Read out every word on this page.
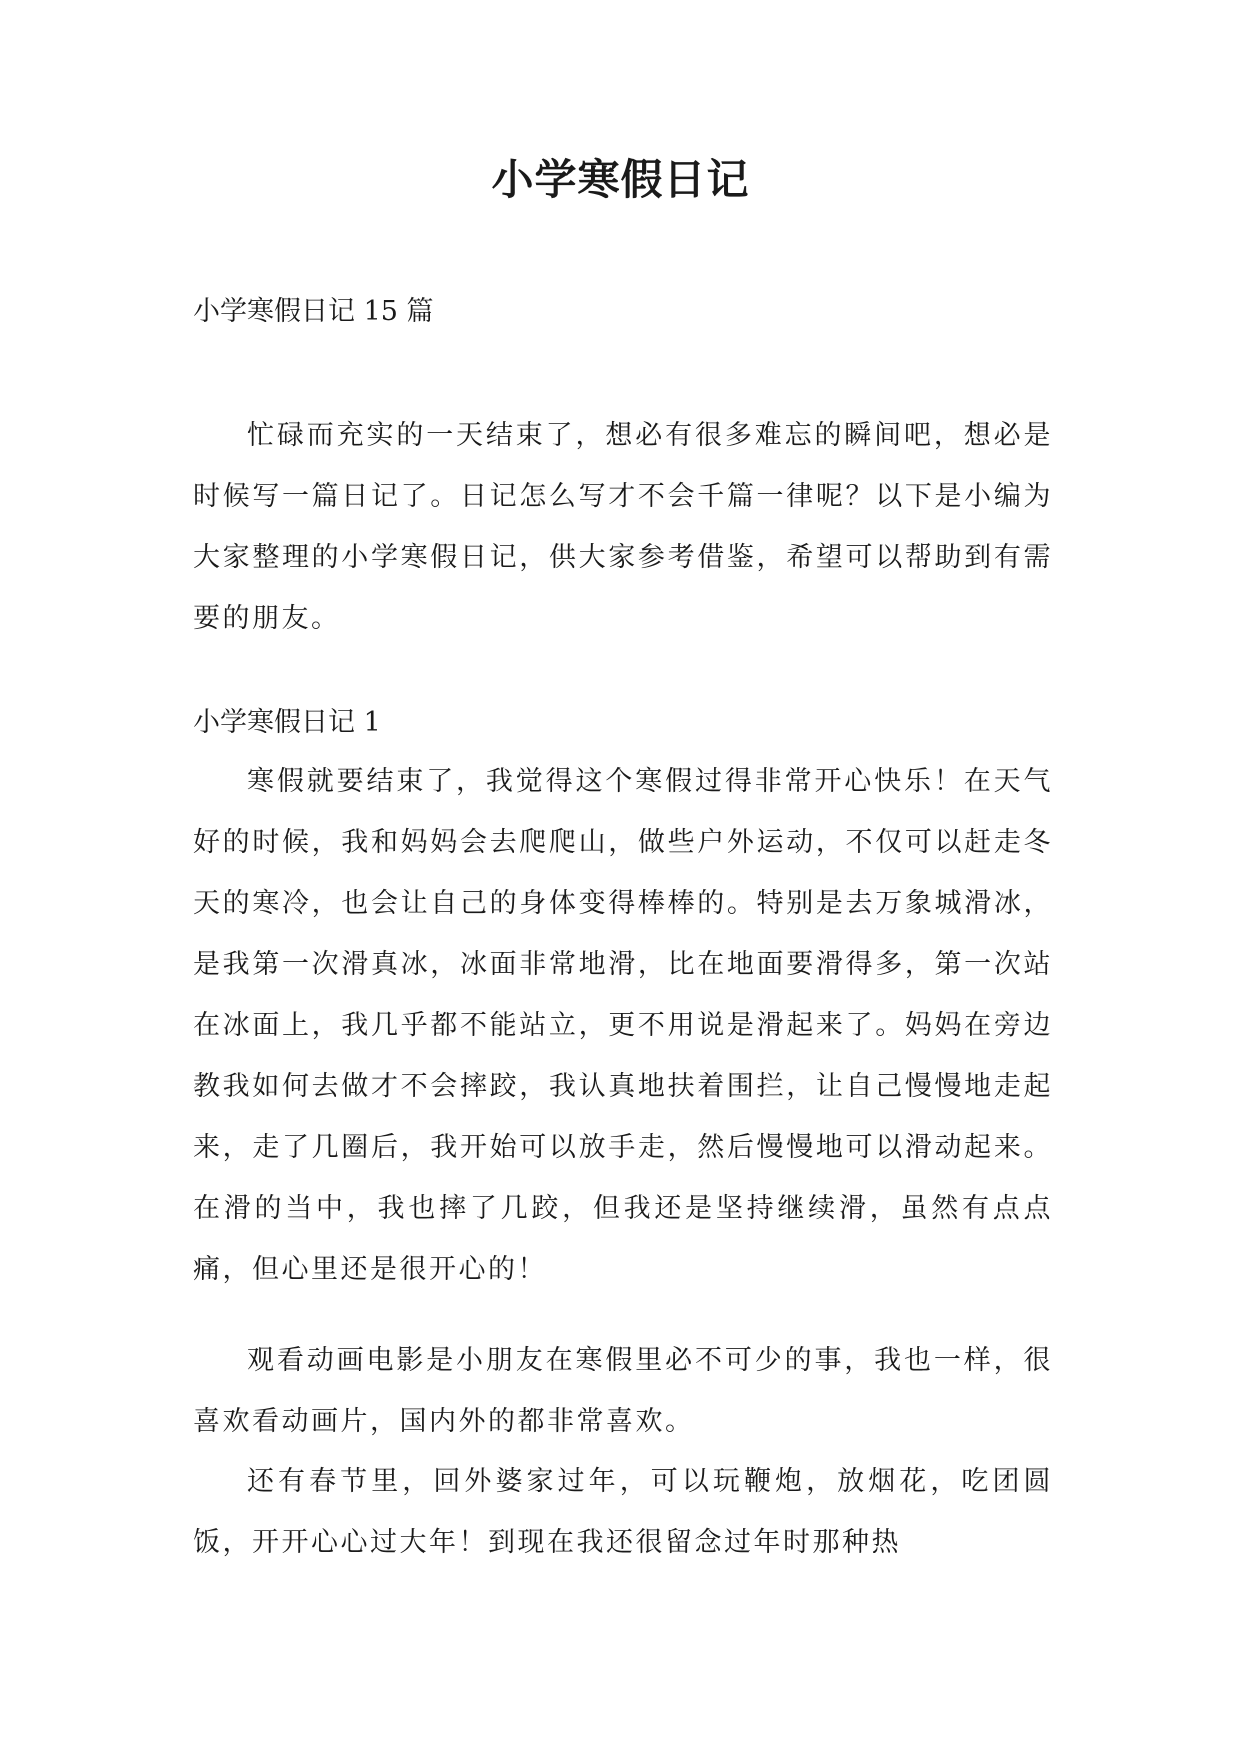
小学寒假日记

小学寒假日记 15 篇

忙碌而充实的一天结束了，想必有很多难忘的瞬间吧，想必是时候写一篇日记了。日记怎么写才不会千篇一律呢？以下是小编为大家整理的小学寒假日记，供大家参考借鉴，希望可以帮助到有需要的朋友。

小学寒假日记 1

寒假就要结束了，我觉得这个寒假过得非常开心快乐！在天气好的时候，我和妈妈会去爬爬山，做些户外运动，不仅可以赶走冬天的寒冷，也会让自己的身体变得棒棒的。特别是去万象城滑冰，是我第一次滑真冰，冰面非常地滑，比在地面要滑得多，第一次站在冰面上，我几乎都不能站立，更不用说是滑起来了。妈妈在旁边教我如何去做才不会摔跤，我认真地扶着围拦，让自己慢慢地走起来，走了几圈后，我开始可以放手走，然后慢慢地可以滑动起来。在滑的当中，我也摔了几跤，但我还是坚持继续滑，虽然有点点痛，但心里还是很开心的！

观看动画电影是小朋友在寒假里必不可少的事，我也一样，很喜欢看动画片，国内外的都非常喜欢。

还有春节里，回外婆家过年，可以玩鞭炮，放烟花，吃团圆饭，开开心心过大年！到现在我还很留念过年时那种热
